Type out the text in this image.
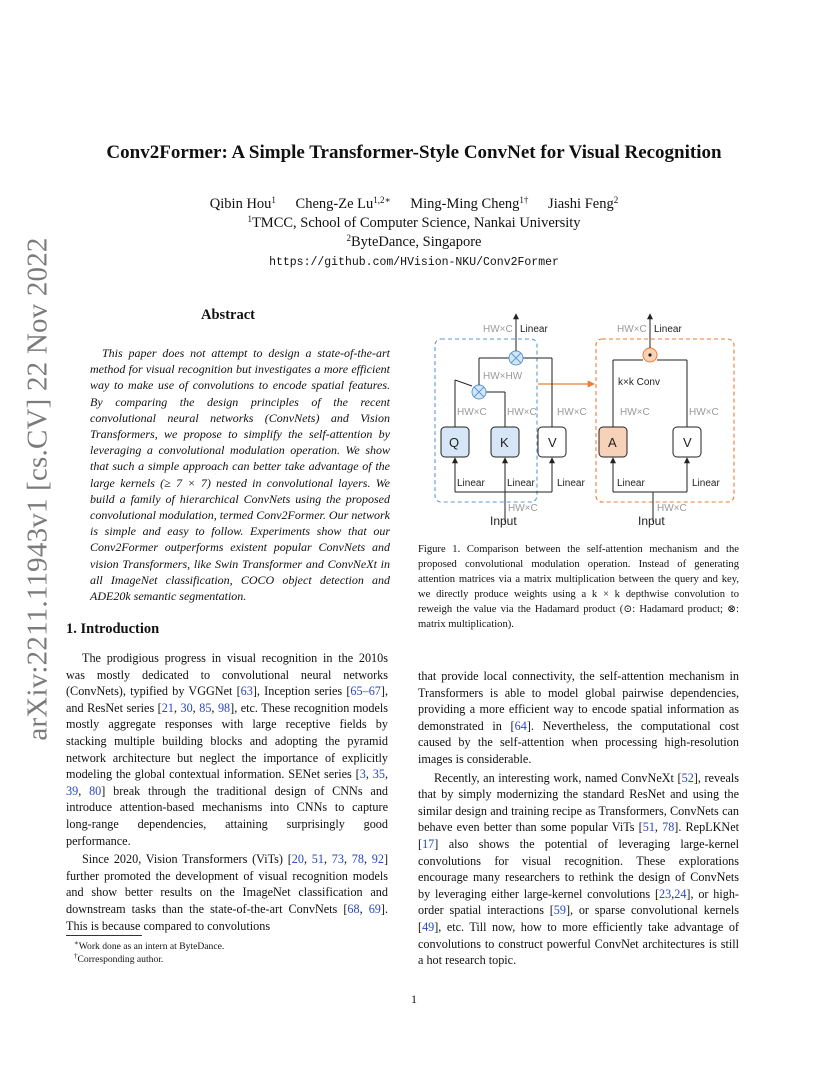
arXiv:2211.11943v1 [cs.CV] 22 Nov 2022
Conv2Former: A Simple Transformer-Style ConvNet for Visual Recognition
Qibin Hou$^1$ Cheng-Ze $Lu^{1,2∗}$ Ming-Ming Cheng$^{1\dagger}$ Jiashi Feng$^2$
$^1$TMCC, School of Computer Science, Nankai University
$^2$ByteDance, Singapore
https://github.com/HVision-NKU/Conv2Former
Abstract
This paper does not attempt to design a state-of-the-art method for visual recognition but investigates a more efficient way to make use of convolutions to encode spatial features. By comparing the design principles of the recent convolutional neural networks (ConvNets) and Vision Transformers, we propose to simplify the self-attention by leveraging a convolutional modulation operation. We show that such a simple approach can better take advantage of the large kernels (≥ 7 × 7) nested in convolutional layers. We build a family of hierarchical ConvNets using the proposed convolutional modulation, termed Conv2Former. Our network is simple and easy to follow. Experiments show that our Conv2Former outperforms existent popular ConvNets and vision Transformers, like Swin Transformer and ConvNeXt in all ImageNet classification, COCO object detection and ADE20k semantic segmentation.
1. Introduction

The prodigious progress in visual recognition in the 2010s was mostly dedicated to convolutional neural networks (ConvNets), typified by VGGNet [63], Inception series [65–67], and ResNet series [21, 30, 85, 98], etc. These recognition models mostly aggregate responses with large receptive fields by stacking multiple building blocks and adopting the pyramid network architecture but neglect the importance of explicitly modeling the global contextual information. SENet series [3, 35, 39, 80] break through the traditional design of CNNs and introduce attention-based mechanisms into CNNs to capture long-range dependencies, attaining surprisingly good performance.

Since 2020, Vision Transformers (ViTs) [20, 51, 73, 78, 92] further promoted the development of visual recognition models and show better results on the ImageNet classification and downstream tasks than the state-of-the-art ConvNets [68, 69]. This is because compared to convolutions

∗Work done as an intern at ByteDance.
†Corresponding author.
HW×C Linear	HW×C Linear
HW×HW
k×k Conv
HW×C HW×C HW×C	HW×C	HW×C
Q	K	V	A	V
Linear Linear Linear	Linear	Linear
HW×C	HW×C
Input	Input
Figure 1. Comparison between the self-attention mechanism and the proposed convolutional modulation operation. Instead of generating attention matrices via a matrix multiplication between the query and key, we directly produce weights using a k × k depthwise convolution to reweigh the value via the Hadamard product (⊙: Hadamard product; ⊗: matrix multiplication).

that provide local connectivity, the self-attention mechanism in Transformers is able to model global pairwise dependencies, providing a more efficient way to encode spatial information as demonstrated in [64]. Nevertheless, the computational cost caused by the self-attention when processing high-resolution images is considerable.

Recently, an interesting work, named ConvNeXt [52], reveals that by simply modernizing the standard ResNet and using the similar design and training recipe as Transformers, ConvNets can behave even better than some popular ViTs [51, 78]. RepLKNet [17] also shows the potential of leveraging large-kernel convolutions for visual recognition. These explorations encourage many researchers to rethink the design of ConvNets by leveraging either large-kernel convolutions [23,24], or high-order spatial interactions [59], or sparse convolutional kernels [49], etc. Till now, how to more efficiently take advantage of convolutions to construct powerful ConvNet architectures is still a hot research topic.

1
